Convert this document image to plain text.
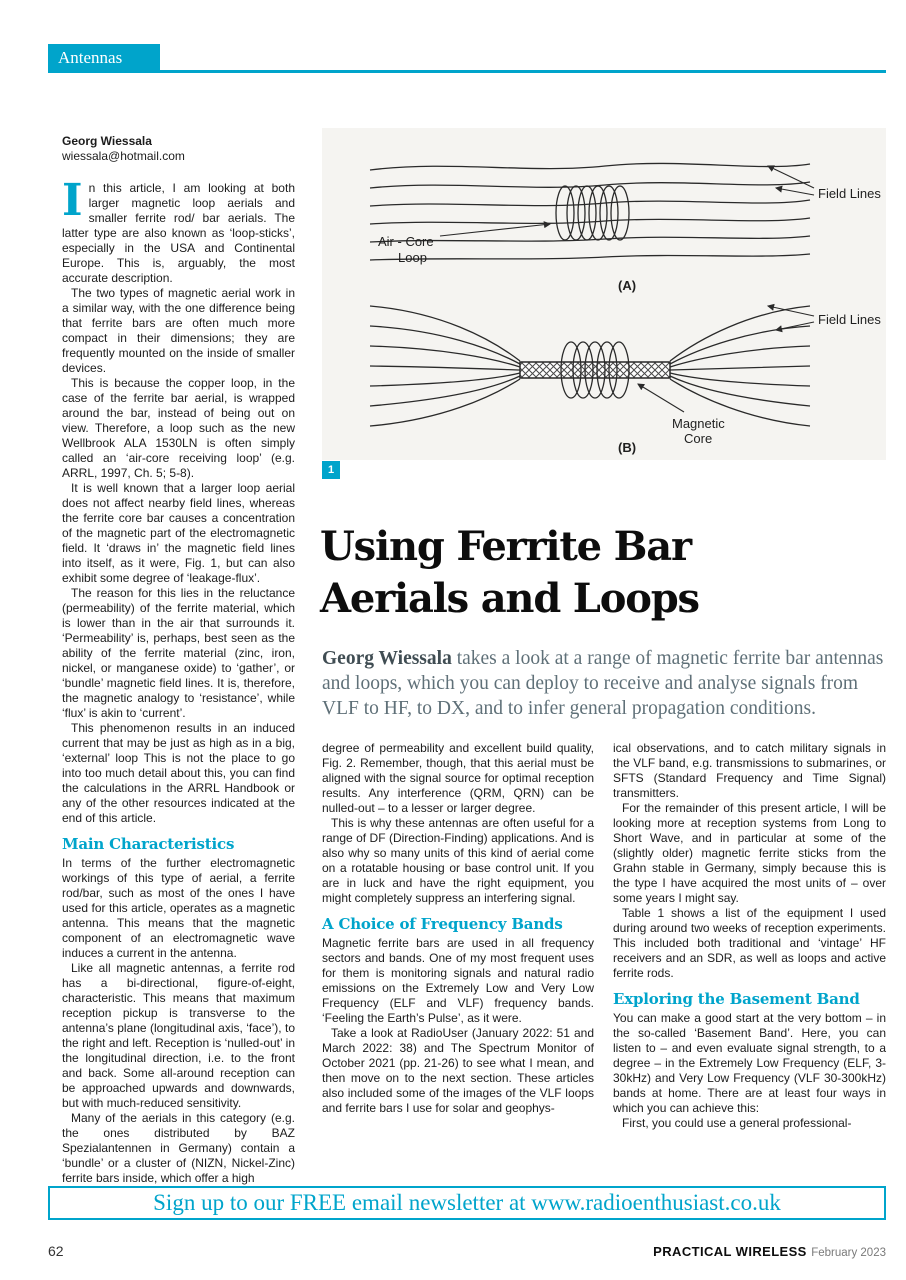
Antennas
Georg Wiessala
wiessala@hotmail.com

In this article, I am looking at both larger magnetic loop aerials and smaller ferrite rod/ bar aerials. The latter type are also known as ‘loop-sticks’, especially in the USA and Continental Europe. This is, arguably, the most accurate description.

The two types of magnetic aerial work in a similar way, with the one difference being that ferrite bars are often much more compact in their dimensions; they are frequently mounted on the inside of smaller devices.

This is because the copper loop, in the case of the ferrite bar aerial, is wrapped around the bar, instead of being out on view. Therefore, a loop such as the new Wellbrook ALA 1530LN is often simply called an ‘air-core receiving loop’ (e.g. ARRL, 1997, Ch. 5; 5-8).

It is well known that a larger loop aerial does not affect nearby field lines, whereas the ferrite core bar causes a concentration of the magnetic part of the electromagnetic field. It ‘draws in’ the magnetic field lines into itself, as it were, Fig. 1, but can also exhibit some degree of ‘leakage-flux’.

The reason for this lies in the reluctance (permeability) of the ferrite material, which is lower than in the air that surrounds it. ‘Permeability’ is, perhaps, best seen as the ability of the ferrite material (zinc, iron, nickel, or manganese oxide) to ‘gather’, or ‘bundle’ magnetic field lines. It is, therefore, the magnetic analogy to ‘resistance’, while ‘flux’ is akin to ‘current’.

This phenomenon results in an induced current that may be just as high as in a big, ‘external’ loop This is not the place to go into too much detail about this, you can find the calculations in the ARRL Handbook or any of the other resources indicated at the end of this article.

Main Characteristics

In terms of the further electromagnetic workings of this type of aerial, a ferrite rod/bar, such as most of the ones I have used for this article, operates as a magnetic antenna. This means that the magnetic component of an electromagnetic wave induces a current in the antenna.

Like all magnetic antennas, a ferrite rod has a bi-directional, figure-of-eight, characteristic. This means that maximum reception pickup is transverse to the antenna’s plane (longitudinal axis, ‘face’), to the right and left. Reception is ‘nulled-out’ in the longitudinal direction, i.e. to the front and back. Some all-around reception can be approached upwards and downwards, but with much-reduced sensitivity.

Many of the aerials in this category (e.g. the ones distributed by BAZ Spezialantennen in Germany) contain a ‘bundle’ or a cluster of (NIZN, Nickel-Zinc) ferrite bars inside, which offer a high

Air - Core
Loop
Field Lines
(A)
Field Lines
Magnetic
Core
(B)
1
Using Ferrite Bar
Aerials and Loops

Georg Wiessala takes a look at a range of magnetic ferrite bar antennas and loops, which you can deploy to receive and analyse signals from VLF to HF, to DX, and to infer general propagation conditions.

degree of permeability and excellent build quality, Fig. 2. Remember, though, that this aerial must be aligned with the signal source for optimal reception results. Any interference (QRM, QRN) can be nulled-out – to a lesser or larger degree.

This is why these antennas are often useful for a range of DF (Direction-Finding) applications. And is also why so many units of this kind of aerial come on a rotatable housing or base control unit. If you are in luck and have the right equipment, you might completely suppress an interfering signal.

A Choice of Frequency Bands

Magnetic ferrite bars are used in all frequency sectors and bands. One of my most frequent uses for them is monitoring signals and natural radio emissions on the Extremely Low and Very Low Frequency (ELF and VLF) frequency bands. ‘Feeling the Earth’s Pulse’, as it were.

Take a look at RadioUser (January 2022: 51 and March 2022: 38) and The Spectrum Monitor of October 2021 (pp. 21-26) to see what I mean, and then move on to the next section. These articles also included some of the images of the VLF loops and ferrite bars I use for solar and geophys-

ical observations, and to catch military signals in the VLF band, e.g. transmissions to submarines, or SFTS (Standard Frequency and Time Signal) transmitters.

For the remainder of this present article, I will be looking more at reception systems from Long to Short Wave, and in particular at some of the (slightly older) magnetic ferrite sticks from the Grahn stable in Germany, simply because this is the type I have acquired the most units of – over some years I might say.

Table 1 shows a list of the equipment I used during around two weeks of reception experiments. This included both traditional and ‘vintage’ HF receivers and an SDR, as well as loops and active ferrite rods.

Exploring the Basement Band

You can make a good start at the very bottom – in the so-called ‘Basement Band’. Here, you can listen to – and even evaluate signal strength, to a degree – in the Extremely Low Frequency (ELF, 3-30kHz) and Very Low Frequency (VLF 30-300kHz) bands at home. There are at least four ways in which you can achieve this:

First, you could use a general professional-

Sign up to our FREE email newsletter at www.radioenthusiast.co.uk
62	PRACTICAL WIRELESS February 2023
